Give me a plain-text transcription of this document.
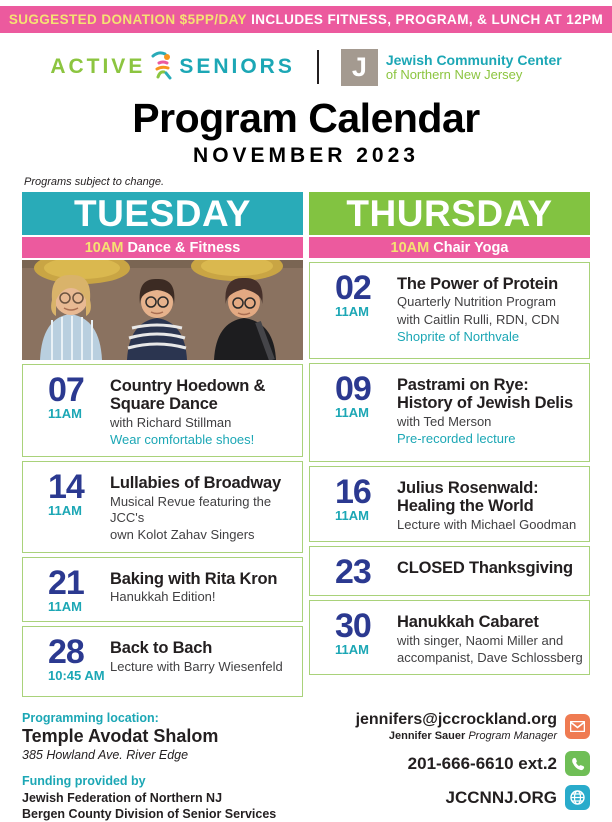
SUGGESTED DONATION $5PP/DAY INCLUDES FITNESS, PROGRAM, & LUNCH AT 12PM
ACTIVE SENIORS	J	Jewish Community Center
of Northern New Jersey
Program Calendar
NOVEMBER 2023
Programs subject to change.
TUESDAY
10AM Dance & Fitness
07
11AM
Country Hoedown & Square Dance
with Richard Stillman
Wear comfortable shoes!
14
11AM
Lullabies of Broadway
Musical Revue featuring the JCC's
own Kolot Zahav Singers
21
11AM
Baking with Rita Kron
Hanukkah Edition!
28
10:45 AM
Back to Bach
Lecture with Barry Wiesenfeld
THURSDAY
10AM Chair Yoga
02
11AM
The Power of Protein
Quarterly Nutrition Program
with Caitlin Rulli, RDN, CDN
Shoprite of Northvale
09
11AM
Pastrami on Rye: History of Jewish Delis
with Ted Merson
Pre-recorded lecture
16
11AM
Julius Rosenwald: Healing the World
Lecture with Michael Goodman
23	CLOSED Thanksgiving
30
11AM
Hanukkah Cabaret
with singer, Naomi Miller and
accompanist, Dave Schlossberg
Programming location:
Temple Avodat Shalom
385 Howland Ave. River Edge
Funding provided by
Jewish Federation of Northern NJ
Bergen County Division of Senior Services
jennifers@jccrockland.org
Jennifer Sauer Program Manager
201-666-6610 ext.2
JCCNNJ.ORG
